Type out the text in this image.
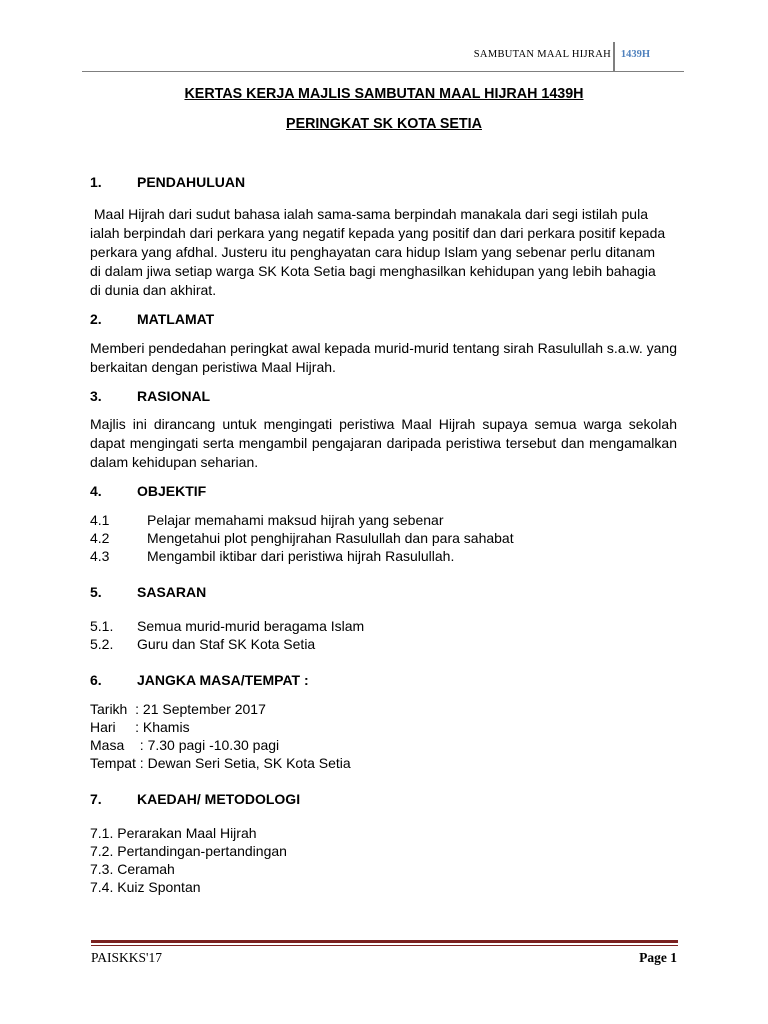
SAMBUTAN MAAL HIJRAH 1439H
KERTAS KERJA MAJLIS SAMBUTAN MAAL HIJRAH 1439H
PERINGKAT SK KOTA SETIA
1.	PENDAHULUAN
Maal Hijrah dari sudut bahasa ialah sama-sama berpindah manakala dari segi istilah pula
ialah berpindah dari perkara yang negatif kepada yang positif dan dari perkara positif kepada
perkara yang afdhal. Justeru itu penghayatan cara hidup Islam yang sebenar perlu ditanam
di dalam jiwa setiap warga SK Kota Setia bagi menghasilkan kehidupan yang lebih bahagia
di dunia dan akhirat.
2.	MATLAMAT

Memberi pendedahan peringkat awal kepada murid-murid tentang sirah Rasulullah s.a.w. yang berkaitan dengan peristiwa Maal Hijrah.

3.	RASIONAL

Majlis ini dirancang untuk mengingati peristiwa Maal Hijrah supaya semua warga sekolah dapat mengingati serta mengambil pengajaran daripada peristiwa tersebut dan mengamalkan dalam kehidupan seharian.

4.	OBJEKTIF
4.1	Pelajar memahami maksud hijrah yang sebenar
4.2	Mengetahui plot penghijrahan Rasulullah dan para sahabat
4.3	Mengambil iktibar dari peristiwa hijrah Rasulullah.
5.	SASARAN
5.1. Semua murid-murid beragama Islam
5.2. Guru dan Staf SK Kota Setia
6.	JANGKA MASA/TEMPAT :
Tarikh  : 21 September 2017
Hari     : Khamis
Masa    : 7.30 pagi -10.30 pagi
Tempat : Dewan Seri Setia, SK Kota Setia
7.	KAEDAH/ METODOLOGI
7.1. Perarakan Maal Hijrah
7.2. Pertandingan-pertandingan
7.3. Ceramah
7.4. Kuiz Spontan
PAISKKS'17	Page 1
